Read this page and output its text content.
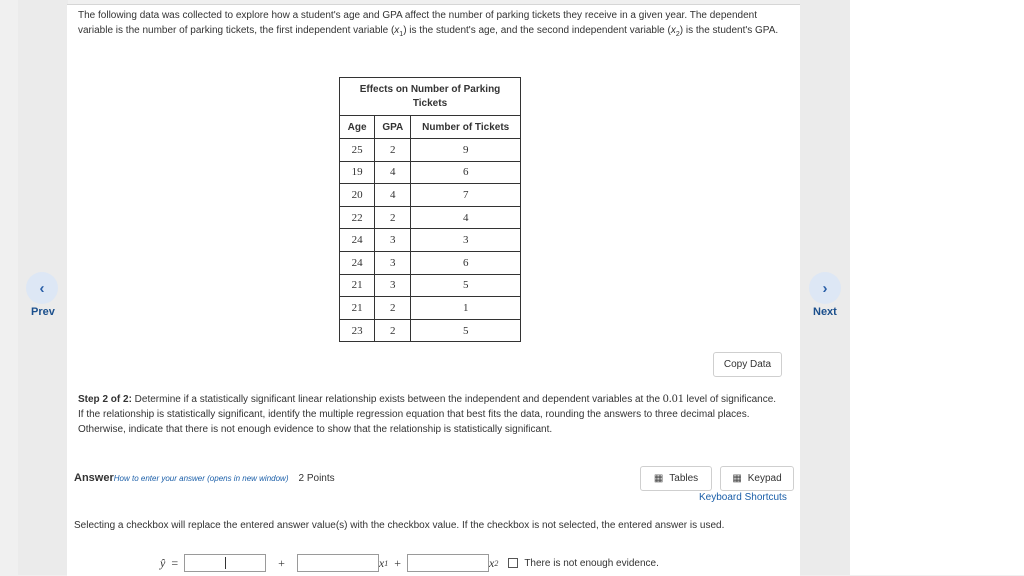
‹
Prev
›
Next
The following data was collected to explore how a student's age and GPA affect the number of parking tickets they receive in a given year. The dependent variable is the number of parking tickets, the first independent variable $(x_1)$ is the student's age, and the second independent variable $(x_2)$ is the student's GPA.
Effects on Number of Parking Tickets
Age	GPA	Number of Tickets
25	2	9
19	4	6
20	4	7
22	2	4
24	3	3
24	3	6
21	3	5
21	2	1
23	2	5
Copy Data
Step 2 of 2: Determine if a statistically significant linear relationship exists between the independent and dependent variables at the 0.01 level of significance. If the relationship is statistically significant, identify the multiple regression equation that best fits the data, rounding the answers to three decimal places. Otherwise, indicate that there is not enough evidence to show that the relationship is statistically significant.
AnswerHow to enter your answer (opens in new window) 2 Points	▦ Tables	▦ Keypad
Keyboard Shortcuts
Selecting a checkbox will replace the entered answer value(s) with the checkbox value. If the checkbox is not selected, the entered answer is used.
ŷ =	+	x 1 +	x 2	There is not enough evidence.
